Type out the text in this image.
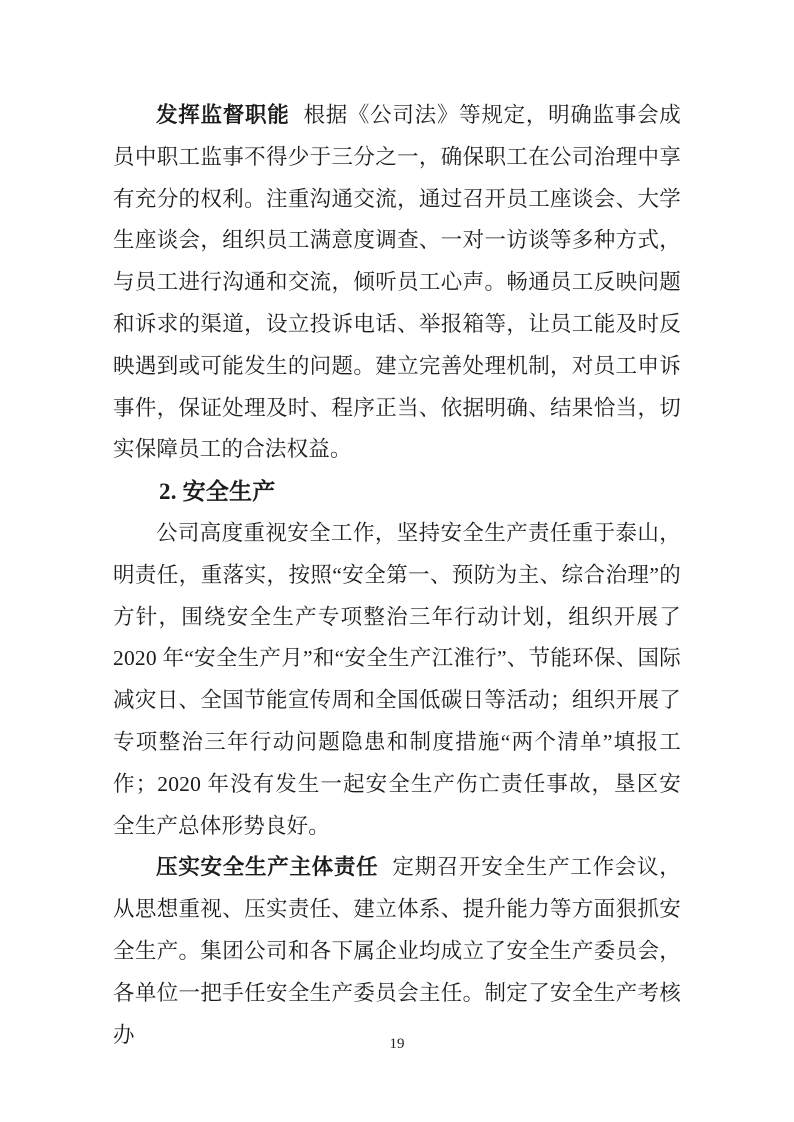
发挥监督职能 根据《公司法》等规定，明确监事会成员中职工监事不得少于三分之一，确保职工在公司治理中享有充分的权利。注重沟通交流，通过召开员工座谈会、大学生座谈会，组织员工满意度调查、一对一访谈等多种方式，与员工进行沟通和交流，倾听员工心声。畅通员工反映问题和诉求的渠道，设立投诉电话、举报箱等，让员工能及时反映遇到或可能发生的问题。建立完善处理机制，对员工申诉事件，保证处理及时、程序正当、依据明确、结果恰当，切实保障员工的合法权益。

2. 安全生产

公司高度重视安全工作，坚持安全生产责任重于泰山，明责任，重落实，按照“安全第一、预防为主、综合治理”的方针，围绕安全生产专项整治三年行动计划，组织开展了2020 年“安全生产月”和“安全生产江淮行”、节能环保、国际减灾日、全国节能宣传周和全国低碳日等活动；组织开展了专项整治三年行动问题隐患和制度措施“两个清单”填报工作；2020 年没有发生一起安全生产伤亡责任事故，垦区安全生产总体形势良好。

压实安全生产主体责任 定期召开安全生产工作会议，从思想重视、压实责任、建立体系、提升能力等方面狠抓安全生产。集团公司和各下属企业均成立了安全生产委员会，各单位一把手任安全生产委员会主任。制定了安全生产考核办	19
